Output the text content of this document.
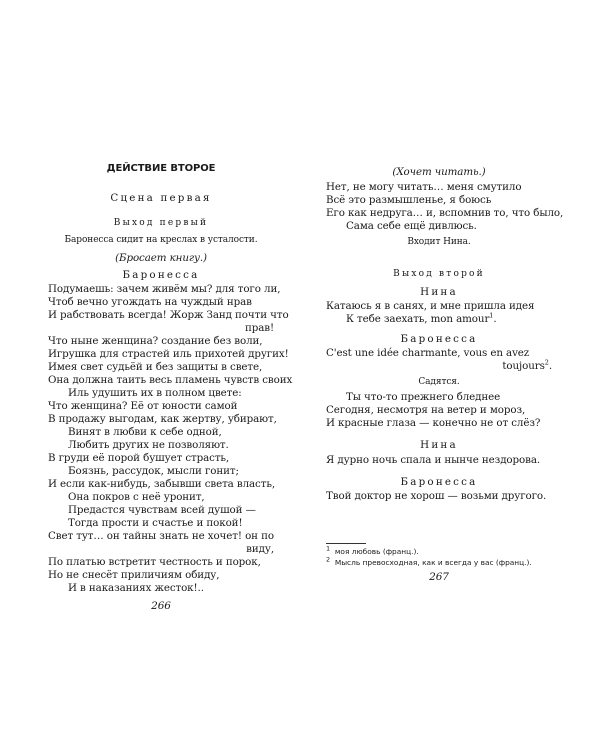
ДЕЙСТВИЕ ВТОРОЕ
Сцена первая
Выход первый
Баронесса сидит на креслах в усталости.
(Бросает книгу.)
Баронесса
Подумаешь: зачем живём мы? для того ли,
Чтоб вечно угождать на чуждый нрав
И рабствовать всегда! Жорж Занд почти что
прав!
Что ныне женщина? создание без воли,
Игрушка для страстей иль прихотей других!
Имея свет судьёй и без защиты в свете,
Она должна таить весь пламень чувств своих
Иль удушить их в полном цвете:
Что женщина? Её от юности самой
В продажу выгодам, как жертву, убирают,
Винят в любви к себе одной,
Любить других не позволяют.
В груди её порой бушует страсть,
Боязнь, рассудок, мысли гонит;
И если как-нибудь, забывши света власть,
Она покров с неё уронит,
Предастся чувствам всей душой —
Тогда прости и счастье и покой!
Свет тут… он тайны знать не хочет! он по
виду,
По платью встретит честность и порок,
Но не снесёт приличиям обиду,
И в наказаниях жесток!..
266
(Хочет читать.)
Нет, не могу читать… меня смутило
Всё это размышленье, я боюсь
Его как недруга… и, вспомнив то, что было,
Сама себе ещё дивлюсь.
Входит Нина.
Выход второй
Нина
Катаюсь я в санях, и мне пришла идея
К тебе заехать, mon amour$^1$.
Баронесса
C'est une idée charmante, vous en avez
toujours$^2$.
Садятся.
Ты что-то прежнего бледнее
Сегодня, несмотря на ветер и мороз,
И красные глаза — конечно не от слёз?
Нина
Я дурно ночь спала и нынче нездорова.
Баронесса
Твой доктор не хорош — возьми другого.
$^1$ моя любовь (франц.).
$^2$ Мысль превосходная, как и всегда у вас (франц.).
267
